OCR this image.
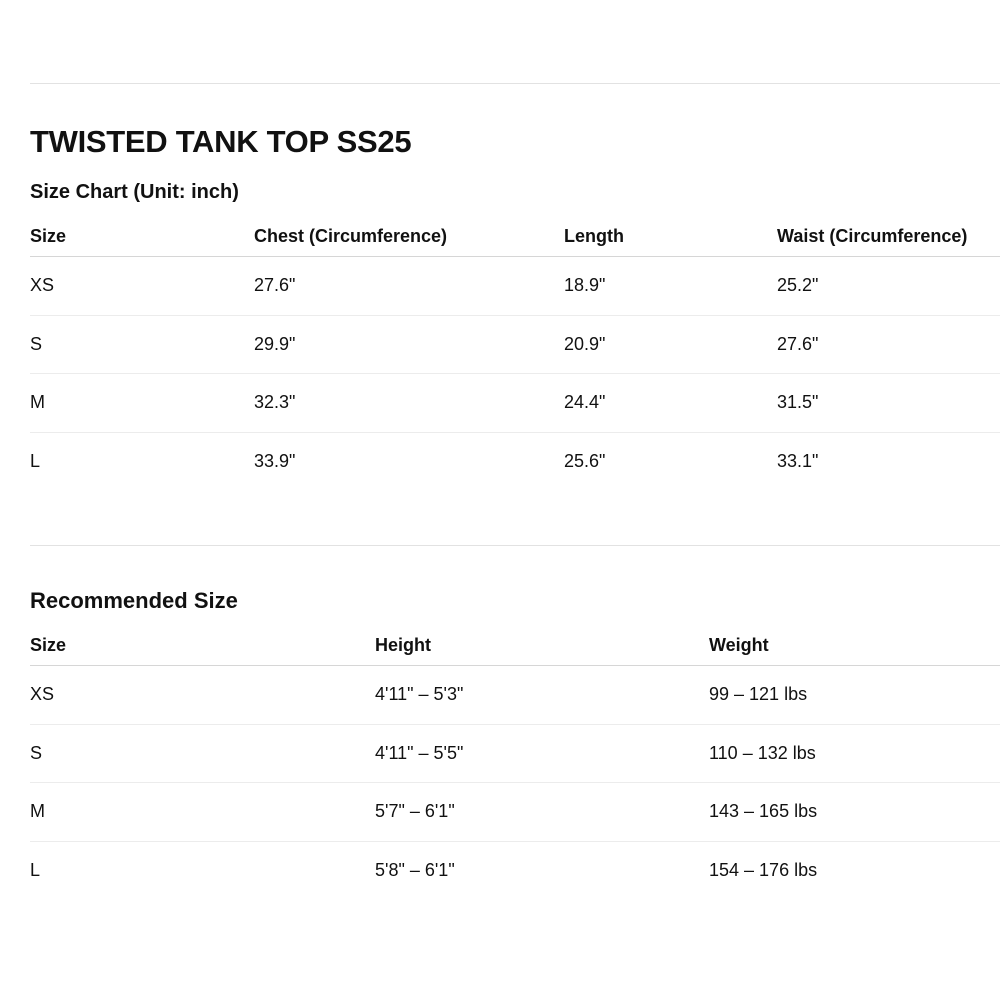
TWISTED TANK TOP SS25
Size Chart (Unit: inch)
Size	Chest (Circumference)	Length	Waist (Circumference)
XS	27.6"	18.9"	25.2"
S	29.9"	20.9"	27.6"
M	32.3"	24.4"	31.5"
L	33.9"	25.6"	33.1"
Recommended Size
Size	Height	Weight
XS	4'11" – 5'3"	99 – 121 lbs
S	4'11" – 5'5"	110 – 132 lbs
M	5'7" – 6'1"	143 – 165 lbs
L	5'8" – 6'1"	154 – 176 lbs
